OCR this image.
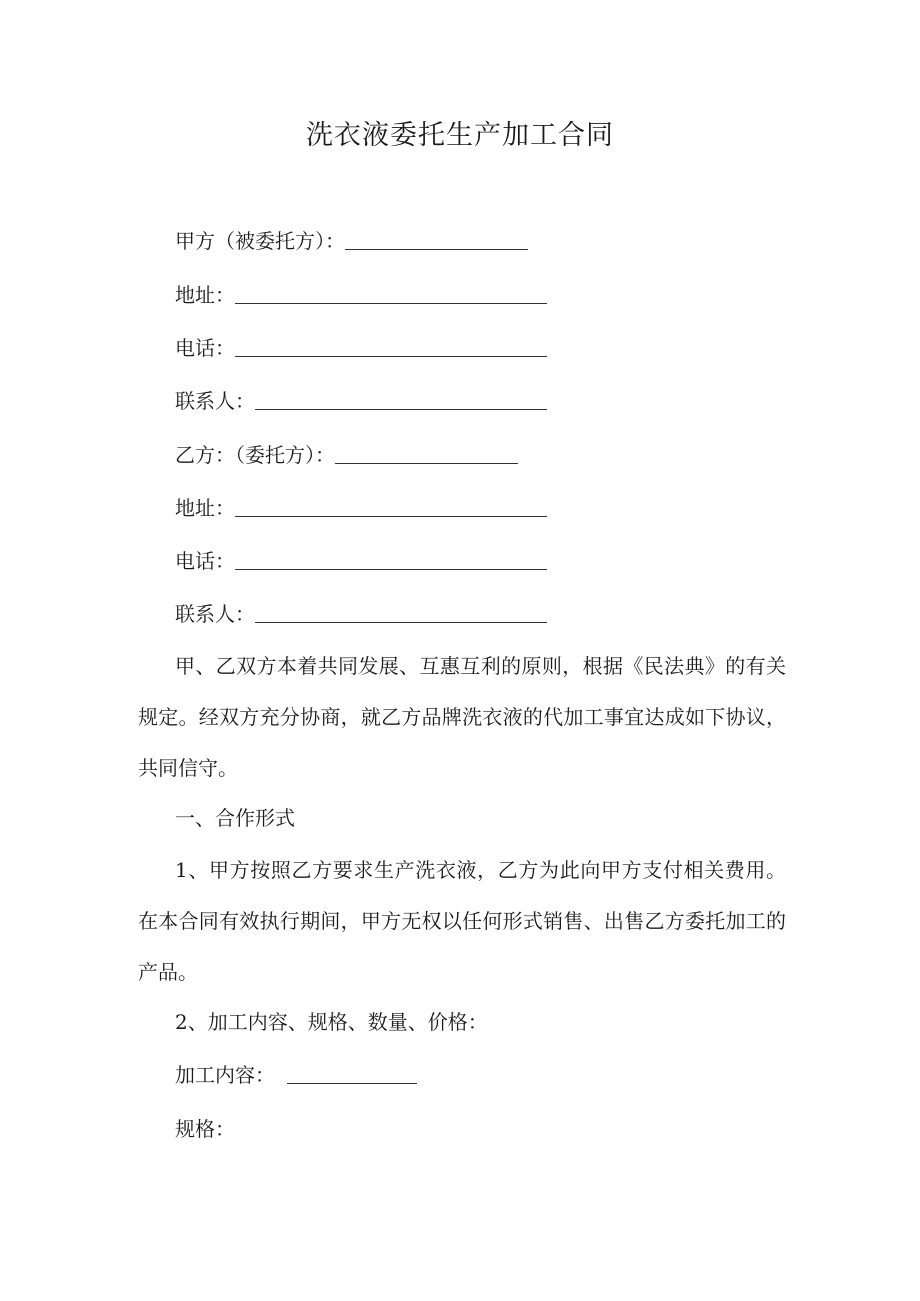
洗衣液委托生产加工合同
甲方（被委托方）：
地址：
电话：
联系人：
乙方：（委托方）：
地址：
电话：
联系人：
甲、乙双方本着共同发展、互惠互利的原则，根据《民法典》的有关规定。经双方充分协商，就乙方品牌洗衣液的代加工事宜达成如下协议，共同信守。
一、合作形式
1、甲方按照乙方要求生产洗衣液，乙方为此向甲方支付相关费用。在本合同有效执行期间，甲方无权以任何形式销售、出售乙方委托加工的产品。
2、加工内容、规格、数量、价格：
加工内容：
规格：
